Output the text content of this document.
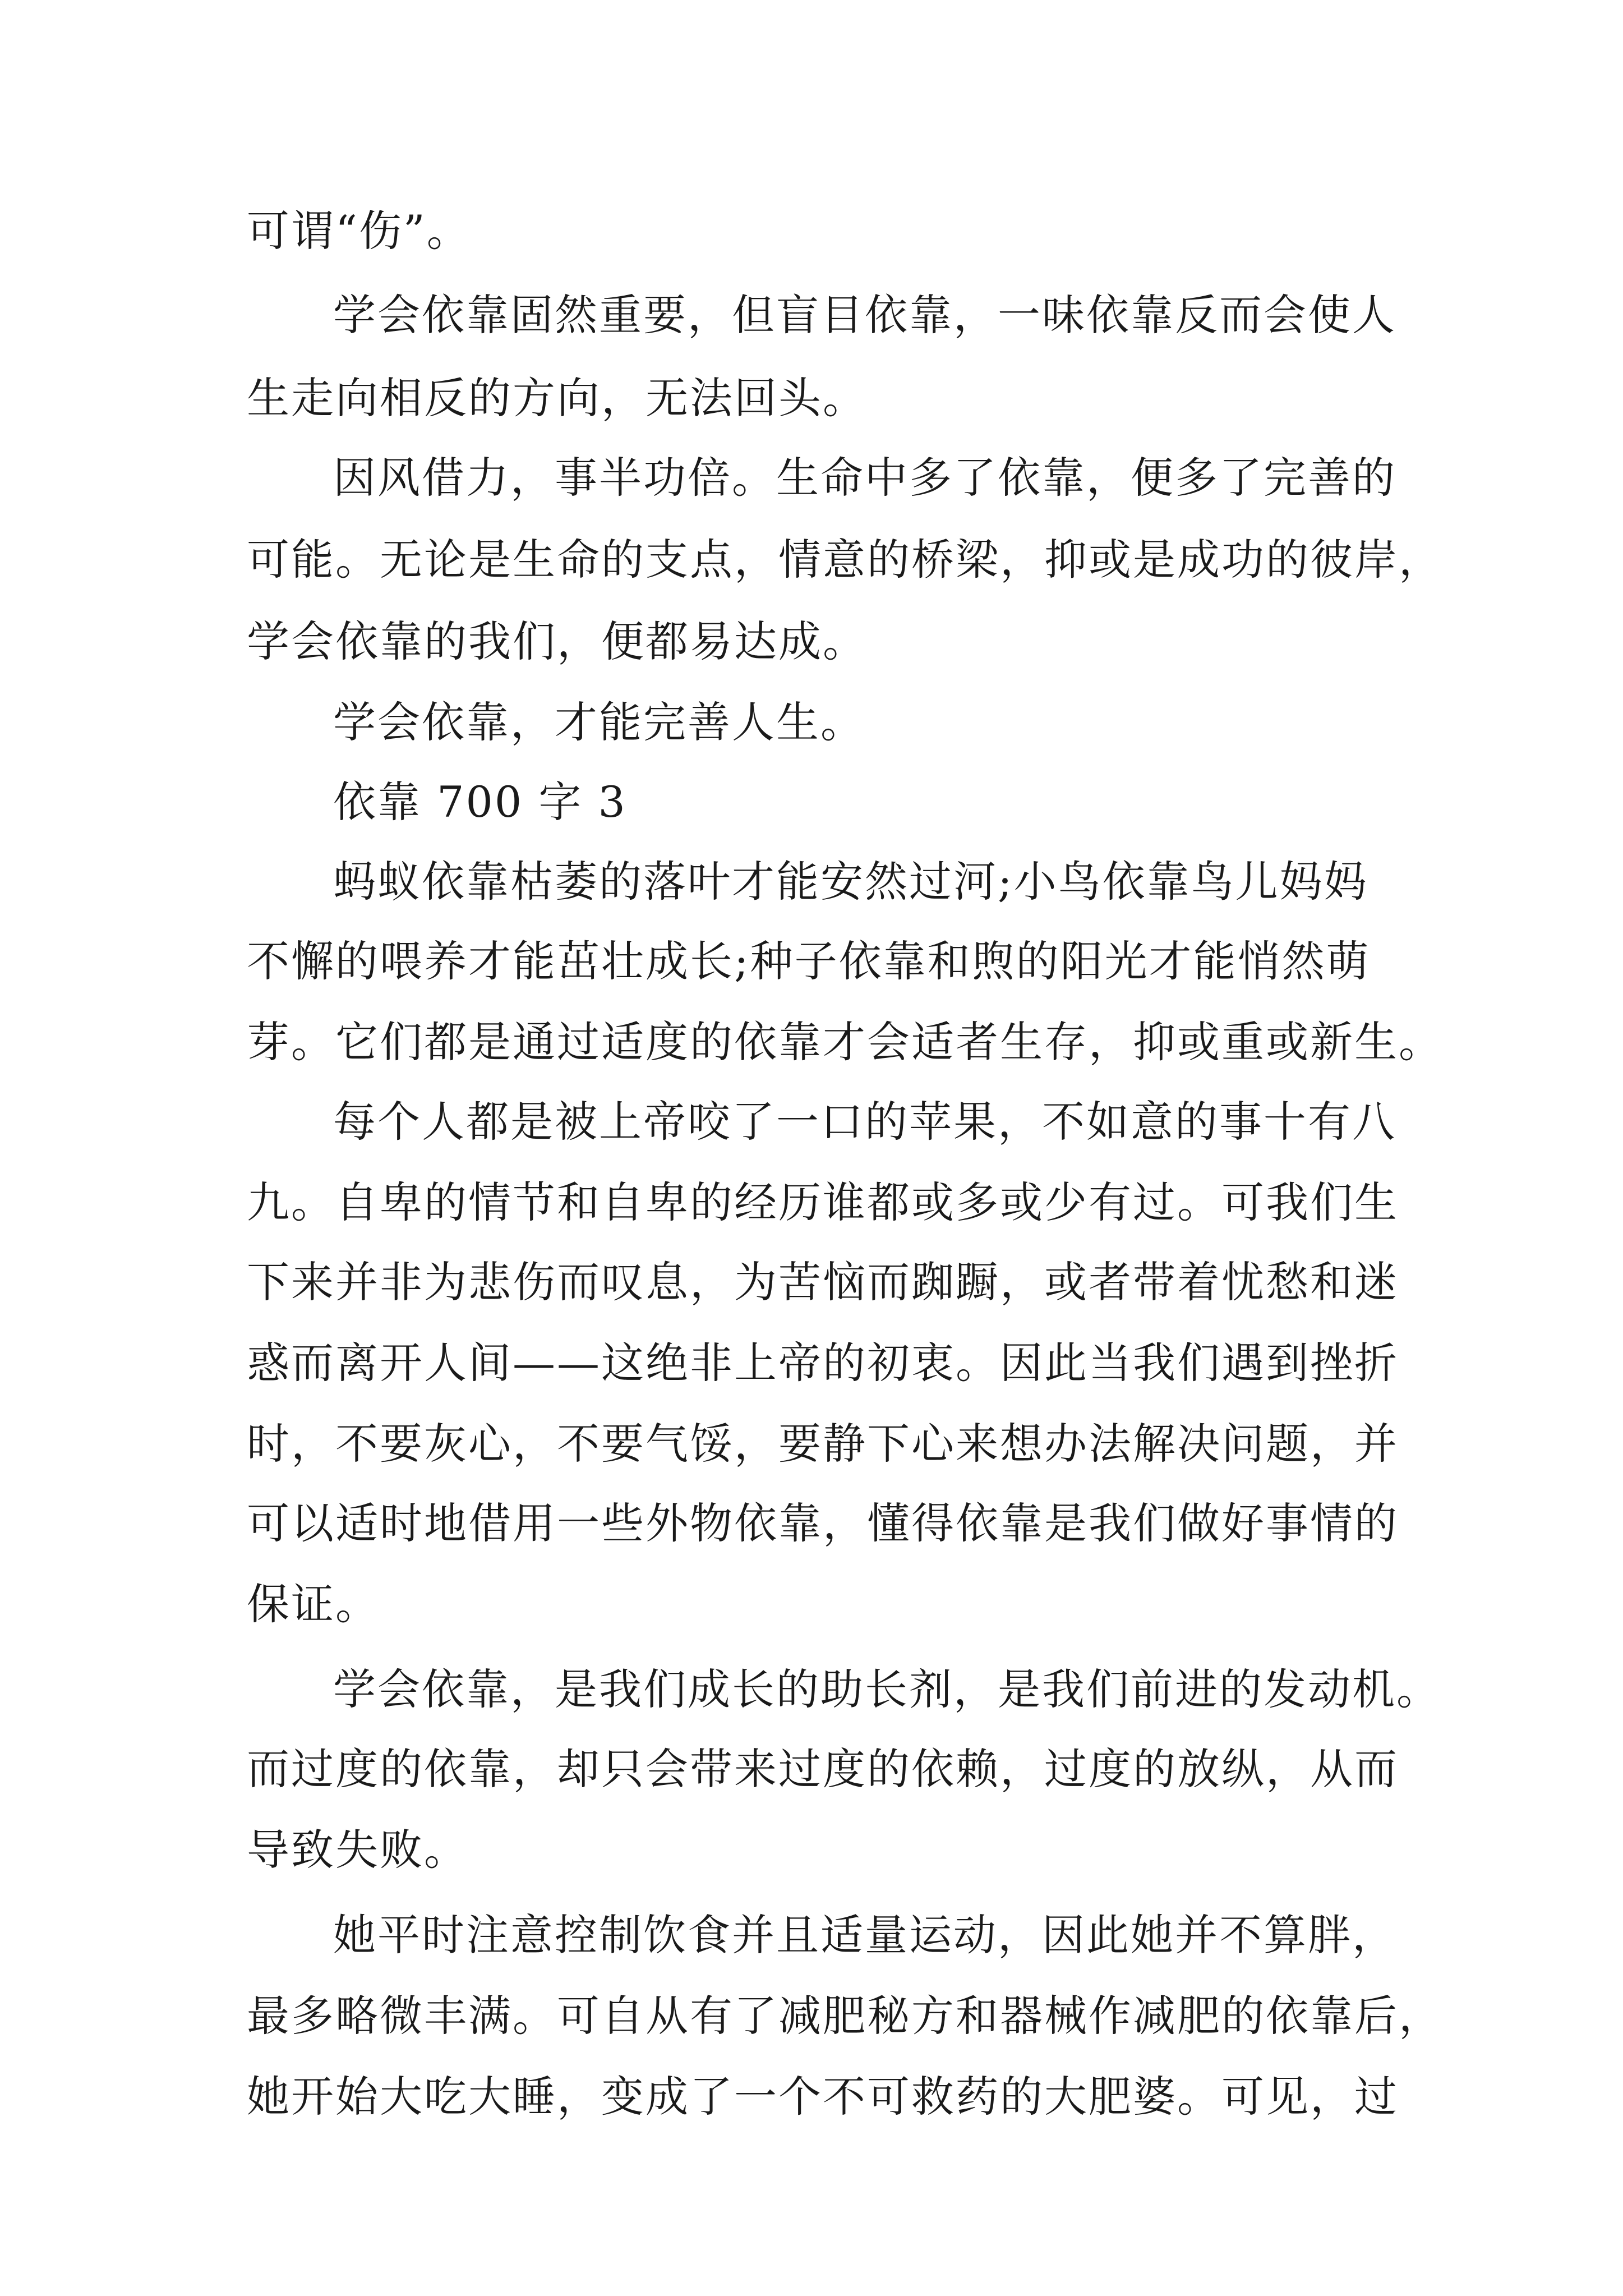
可谓“伤”。
学会依靠固然重要，但盲目依靠，一味依靠反而会使人
生走向相反的方向，无法回头。
因风借力，事半功倍。生命中多了依靠，便多了完善的
可能。无论是生命的支点，情意的桥梁，抑或是成功的彼岸，
学会依靠的我们，便都易达成。
学会依靠，才能完善人生。
依靠 700 字 3
蚂蚁依靠枯萎的落叶才能安然过河;小鸟依靠鸟儿妈妈
不懈的喂养才能茁壮成长;种子依靠和煦的阳光才能悄然萌
芽。它们都是通过适度的依靠才会适者生存，抑或重或新生。
每个人都是被上帝咬了一口的苹果，不如意的事十有八
九。自卑的情节和自卑的经历谁都或多或少有过。可我们生
下来并非为悲伤而叹息，为苦恼而踟蹰，或者带着忧愁和迷
惑而离开人间——这绝非上帝的初衷。因此当我们遇到挫折
时，不要灰心，不要气馁，要静下心来想办法解决问题，并
可以适时地借用一些外物依靠，懂得依靠是我们做好事情的
保证。
学会依靠，是我们成长的助长剂，是我们前进的发动机。
而过度的依靠，却只会带来过度的依赖，过度的放纵，从而
导致失败。
她平时注意控制饮食并且适量运动，因此她并不算胖，
最多略微丰满。可自从有了减肥秘方和器械作减肥的依靠后，
她开始大吃大睡，变成了一个不可救药的大肥婆。可见，过
